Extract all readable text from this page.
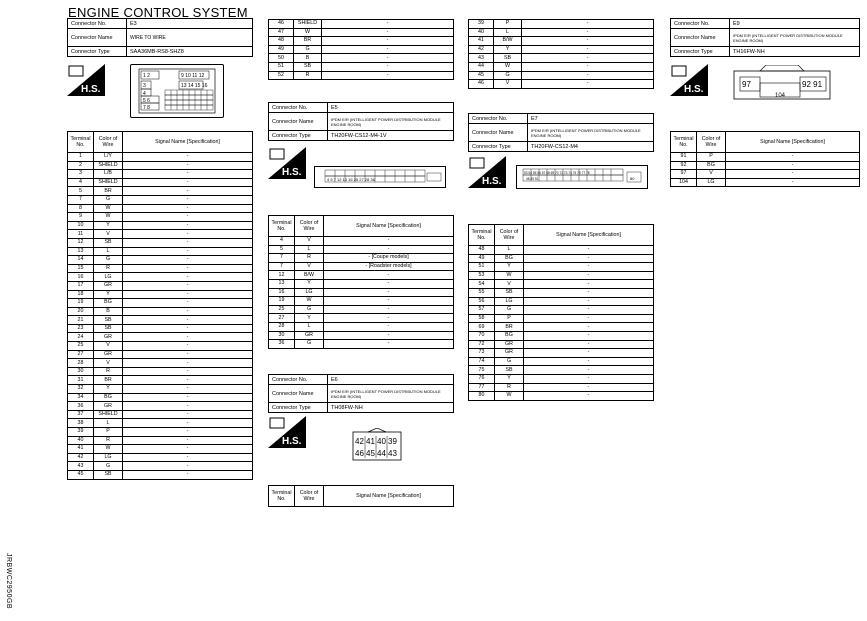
ENGINE CONTROL SYSTEM
Connector No.	E3
Connector Name	WIRE TO WIRE
Connector Type	SAA36MB-RS8-SHZ8
H.S.
1 2
3
4
5 6
7 8
9 10 11 12
13 14 15 16
Terminal No.	Color of Wire	Signal Name [Specification]
1	L/Y	-
2	SHIELD	-
3	L/B	-
4	SHIELD	-
5	BR	-
7	G	-
8	W	-
9	W	-
10	Y	-
11	V	-
12	SB	-
13	L	-
14	G	-
15	R	-
16	LG	-
17	GR	-
18	Y	-
19	BG	-
20	B	-
21	SB	-
23	SB	-
24	GR	-
25	V	-
27	GR	-
28	V	-
30	R	-
31	BR	-
32	Y	-
34	BG	-
36	GR	-
37	SHIELD	-
38	L	-
39	P	-
40	R	-
41	W	-
42	LG	-
43	G	-
45	SB	-
46	SHIELD	-
47	W	-
48	BR	-
49	G	-
50	B	-
51	SB	-
52	R	-
Connector No.	E5
Connector Name	IPDM E/R (INTELLIGENT POWER DISTRIBUTION MODULE ENGINE ROOM)
Connector Type	TH20FW-CS12-M4-1V
H.S.
4 5 7 12 13 16 25 27 28 36
Terminal No.	Color of Wire	Signal Name [Specification]
4	V	-
5	L	-
7	R	- [Coupe models]
7	V	- [Roadster models]
12	B/W	-
13	Y	-
16	LG	-
19	W	-
25	G	-
27	Y	-
28	L	-
30	GR	-
36	G	-
Connector No.	E6
Connector Name	IPDM E/R (INTELLIGENT POWER DISTRIBUTION MODULE ENGINE ROOM)
Connector Type	TH08FW-NH
H.S.	42 41 40 39
46 45 44 43
Terminal No.	Color of Wire	Signal Name [Specification]
39	P	-
40	L	-
41	B/W	-
42	Y	-
43	SB	-
44	W	-
45	G	-
46	V	-
Connector No.	E7
Connector Name	IPDM E/R (INTELLIGENT POWER DISTRIBUTION MODULE ENGINE ROOM)
Connector Type	TH20FW-CS12-M4
H.S.
53 54 55 56 57 58 69 70 72 73 74 75 76 77 78
48 49 51	80
Terminal No.	Color of Wire	Signal Name [Specification]
48	L	-
49	BG	-
51	Y	-
53	W	-
54	V	-
55	SB	-
56	LG	-
57	G	-
58	P	-
69	BR	-
70	BG	-
72	GR	-
73	GR	-
74	G	-
75	SB	-
76	Y	-
77	R	-
80	W	-
Connector No.	E9
Connector Name	IPDM E/R (INTELLIGENT POWER DISTRIBUTION MODULE ENGINE ROOM)
Connector Type	TH16FW-NH
H.S.	97	92 91
104
Terminal No.	Color of Wire	Signal Name [Specification]
91	P	-
92	BG	-
97	V	-
104	LG	-
JRBWC2950GB
